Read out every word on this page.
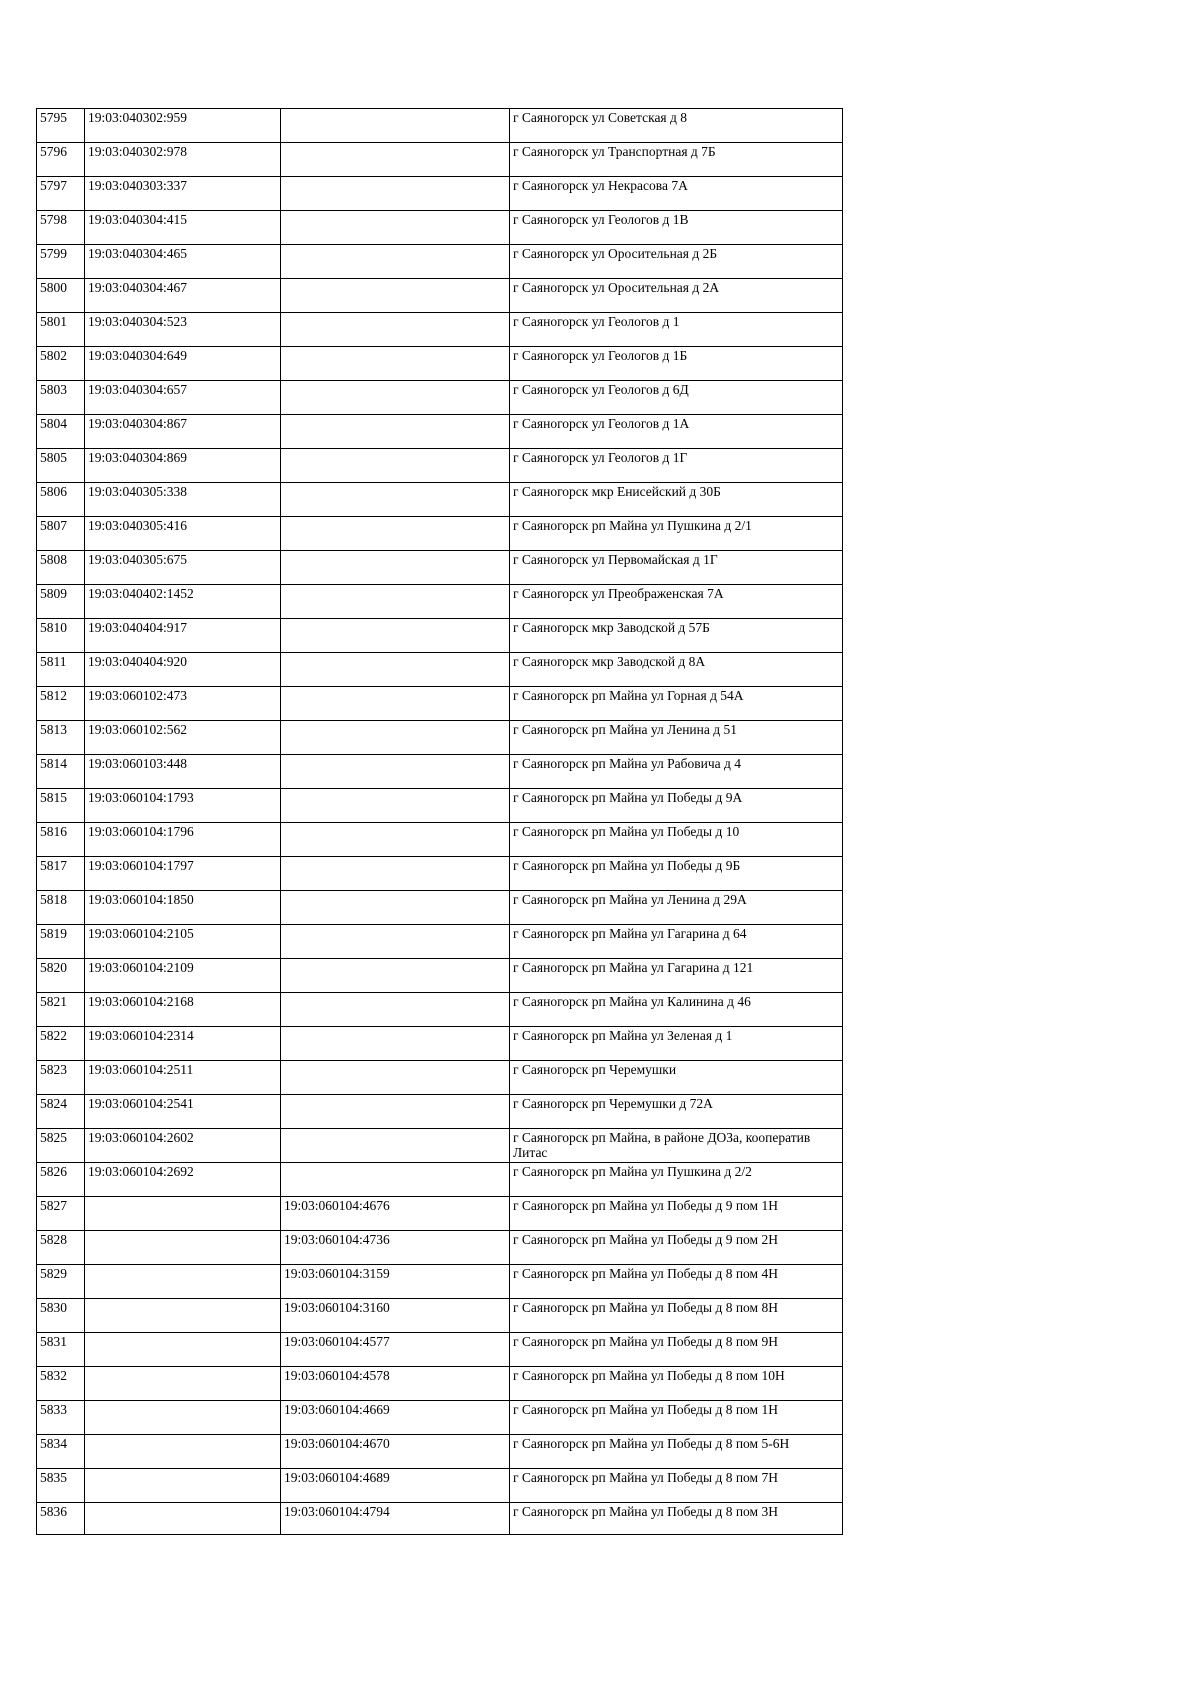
5795	19:03:040302:959		г Саяногорск ул Советская д 8
5796	19:03:040302:978		г Саяногорск ул Транспортная д 7Б
5797	19:03:040303:337		г Саяногорск ул Некрасова 7А
5798	19:03:040304:415		г Саяногорск ул Геологов д 1В
5799	19:03:040304:465		г Саяногорск ул Оросительная д 2Б
5800	19:03:040304:467		г Саяногорск ул Оросительная д 2А
5801	19:03:040304:523		г Саяногорск ул Геологов д 1
5802	19:03:040304:649		г Саяногорск ул Геологов д 1Б
5803	19:03:040304:657		г Саяногорск ул Геологов д 6Д
5804	19:03:040304:867		г Саяногорск ул Геологов д 1А
5805	19:03:040304:869		г Саяногорск ул Геологов д 1Г
5806	19:03:040305:338		г Саяногорск мкр Енисейский д 30Б
5807	19:03:040305:416		г Саяногорск рп Майна ул Пушкина д 2/1
5808	19:03:040305:675		г Саяногорск ул Первомайская д 1Г
5809	19:03:040402:1452		г Саяногорск ул Преображенская 7А
5810	19:03:040404:917		г Саяногорск мкр Заводской д 57Б
5811	19:03:040404:920		г Саяногорск мкр Заводской д 8А
5812	19:03:060102:473		г Саяногорск рп Майна ул Горная д 54А
5813	19:03:060102:562		г Саяногорск рп Майна ул Ленина д 51
5814	19:03:060103:448		г Саяногорск рп Майна ул Рабовича д 4
5815	19:03:060104:1793		г Саяногорск рп Майна ул Победы д 9А
5816	19:03:060104:1796		г Саяногорск рп Майна ул Победы д 10
5817	19:03:060104:1797		г Саяногорск рп Майна ул Победы д 9Б
5818	19:03:060104:1850		г Саяногорск рп Майна ул Ленина д 29А
5819	19:03:060104:2105		г Саяногорск рп Майна ул Гагарина д 64
5820	19:03:060104:2109		г Саяногорск рп Майна ул Гагарина д 121
5821	19:03:060104:2168		г Саяногорск рп Майна ул Калинина д 46
5822	19:03:060104:2314		г Саяногорск рп Майна ул Зеленая д 1
5823	19:03:060104:2511		г Саяногорск рп Черемушки
5824	19:03:060104:2541		г Саяногорск рп Черемушки д 72А
5825	19:03:060104:2602		г Саяногорск рп Майна, в районе ДОЗа, кооператив Литас
5826	19:03:060104:2692		г Саяногорск рп Майна ул Пушкина д 2/2
5827		19:03:060104:4676	г Саяногорск рп Майна ул Победы д 9 пом 1Н
5828		19:03:060104:4736	г Саяногорск рп Майна ул Победы д 9 пом 2Н
5829		19:03:060104:3159	г Саяногорск рп Майна ул Победы д 8 пом 4Н
5830		19:03:060104:3160	г Саяногорск рп Майна ул Победы д 8 пом 8Н
5831		19:03:060104:4577	г Саяногорск рп Майна ул Победы д 8 пом 9Н
5832		19:03:060104:4578	г Саяногорск рп Майна ул Победы д 8 пом 10Н
5833		19:03:060104:4669	г Саяногорск рп Майна ул Победы д 8 пом 1Н
5834		19:03:060104:4670	г Саяногорск рп Майна ул Победы д 8 пом 5-6Н
5835		19:03:060104:4689	г Саяногорск рп Майна ул Победы д 8 пом 7Н
5836		19:03:060104:4794	г Саяногорск рп Майна ул Победы д 8 пом 3Н
